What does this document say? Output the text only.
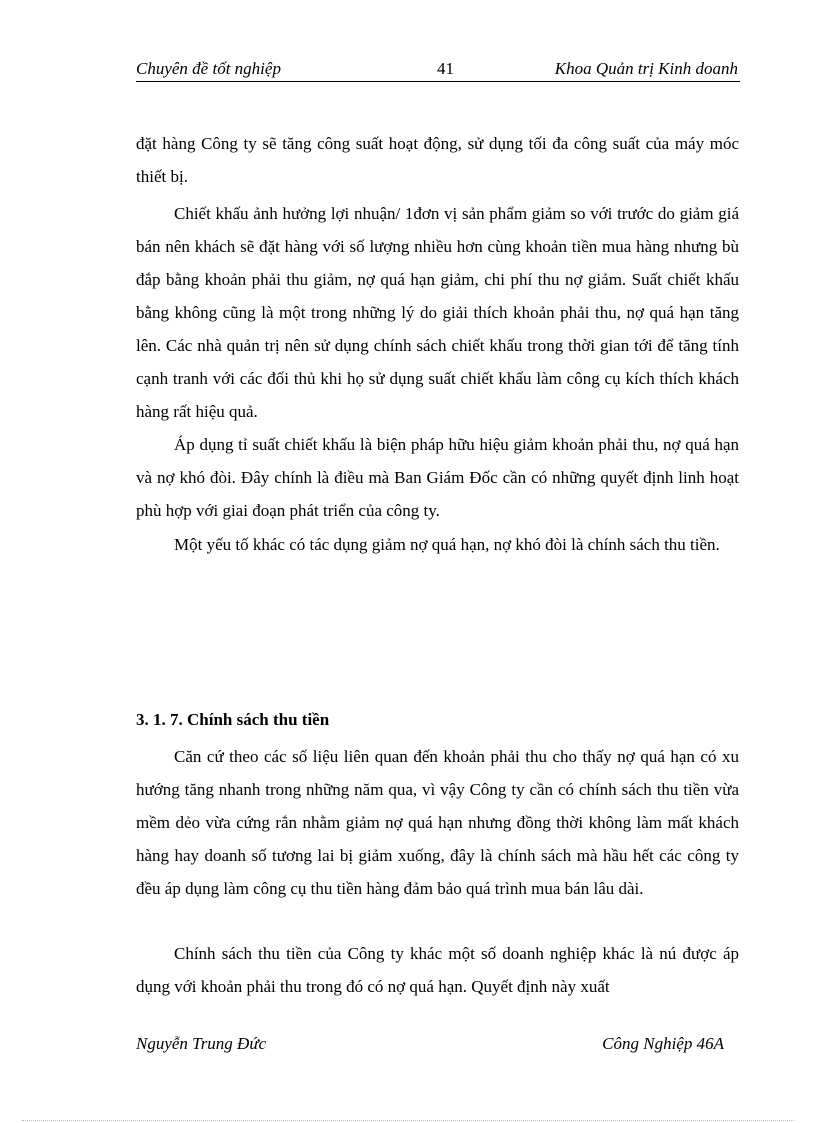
Chuyên đề tốt nghiệp	41	Khoa Quản trị Kinh doanh

đặt hàng Công ty sẽ tăng công suất hoạt động, sử dụng tối đa công suất của máy móc thiết bị.

Chiết khấu ảnh hưởng lợi nhuận/ 1đơn vị sản phẩm giảm so với trước do giảm giá bán nên khách sẽ đặt hàng với số lượng nhiều hơn cùng khoản tiền mua hàng nhưng bù đắp bằng khoản phải thu giảm, nợ quá hạn giảm, chi phí thu nợ giảm. Suất chiết khấu bằng không cũng là một trong những lý do giải thích khoản phải thu, nợ quá hạn tăng lên. Các nhà quản trị nên sử dụng chính sách chiết khấu trong thời gian tới để tăng tính cạnh tranh với các đối thủ khi họ sử dụng suất chiết khấu làm công cụ kích thích khách hàng rất hiệu quả.

Áp dụng tỉ suất chiết khấu là biện pháp hữu hiệu giảm khoản phải thu, nợ quá hạn và nợ khó đòi. Đây chính là điều mà Ban Giám Đốc cần có những quyết định linh hoạt phù hợp với giai đoạn phát triển của công ty.

Một yếu tố khác có tác dụng giảm nợ quá hạn, nợ khó đòi là chính sách thu tiền.

3. 1. 7. Chính sách thu tiền

Căn cứ theo các số liệu liên quan đến khoản phải thu cho thấy nợ quá hạn có xu hướng tăng nhanh trong những năm qua, vì vậy Công ty cần có chính sách thu tiền vừa mềm dẻo vừa cứng rắn nhằm giảm nợ quá hạn nhưng đồng thời không làm mất khách hàng hay doanh số tương lai bị giảm xuống, đây là chính sách mà hầu hết các công ty đều áp dụng làm công cụ thu tiền hàng đảm bảo quá trình mua bán lâu dài.

Chính sách thu tiền của Công ty khác một số doanh nghiệp khác là nú được áp dụng với khoản phải thu trong đó có nợ quá hạn. Quyết định này xuất

Nguyễn Trung Đức	Công Nghiệp 46A
